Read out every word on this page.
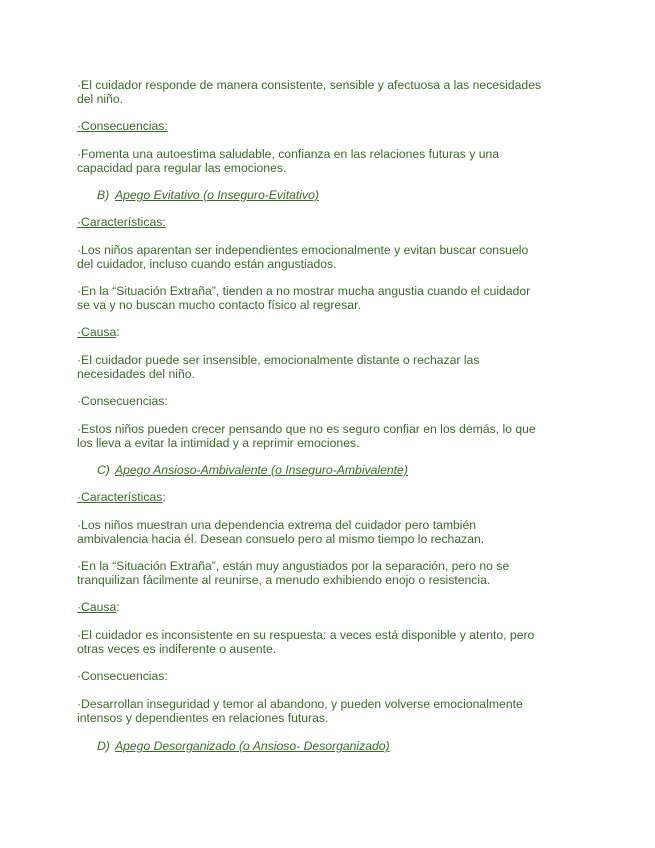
·El cuidador responde de manera consistente, sensible y afectuosa a las necesidades
del niño.
·Consecuencias:
·Fomenta una autoestima saludable, confianza en las relaciones futuras y una
capacidad para regular las emociones.
B) Apego Evitativo (o Inseguro-Evitativo)
·Características:
·Los niños aparentan ser independientes emocionalmente y evitan buscar consuelo
del cuidador, incluso cuando están angustiados.
·En la “Situación Extraña”, tienden a no mostrar mucha angustia cuando el cuidador
se va y no buscan mucho contacto físico al regresar.
·Causa:
·El cuidador puede ser insensible, emocionalmente distante o rechazar las
necesidades del niño.
·Consecuencias:
·Estos niños pueden crecer pensando que no es seguro confiar en los demás, lo que
los lleva a evitar la intimidad y a reprimir emociones.
C) Apego Ansioso-Ambivalente (o Inseguro-Ambivalente)
·Características:
·Los niños muestran una dependencia extrema del cuidador pero también
ambivalencia hacia él. Desean consuelo pero al mismo tiempo lo rechazan.
·En la “Situación Extraña”, están muy angustiados por la separación, pero no se
tranquilizan fácilmente al reunirse, a menudo exhibiendo enojo o resistencia.
·Causa:
·El cuidador es inconsistente en su respuesta: a veces está disponible y atento, pero
otras veces es indiferente o ausente.
·Consecuencias:
·Desarrollan inseguridad y temor al abandono, y pueden volverse emocionalmente
intensos y dependientes en relaciones futuras.
D) Apego Desorganizado (o Ansioso- Desorganizado)
